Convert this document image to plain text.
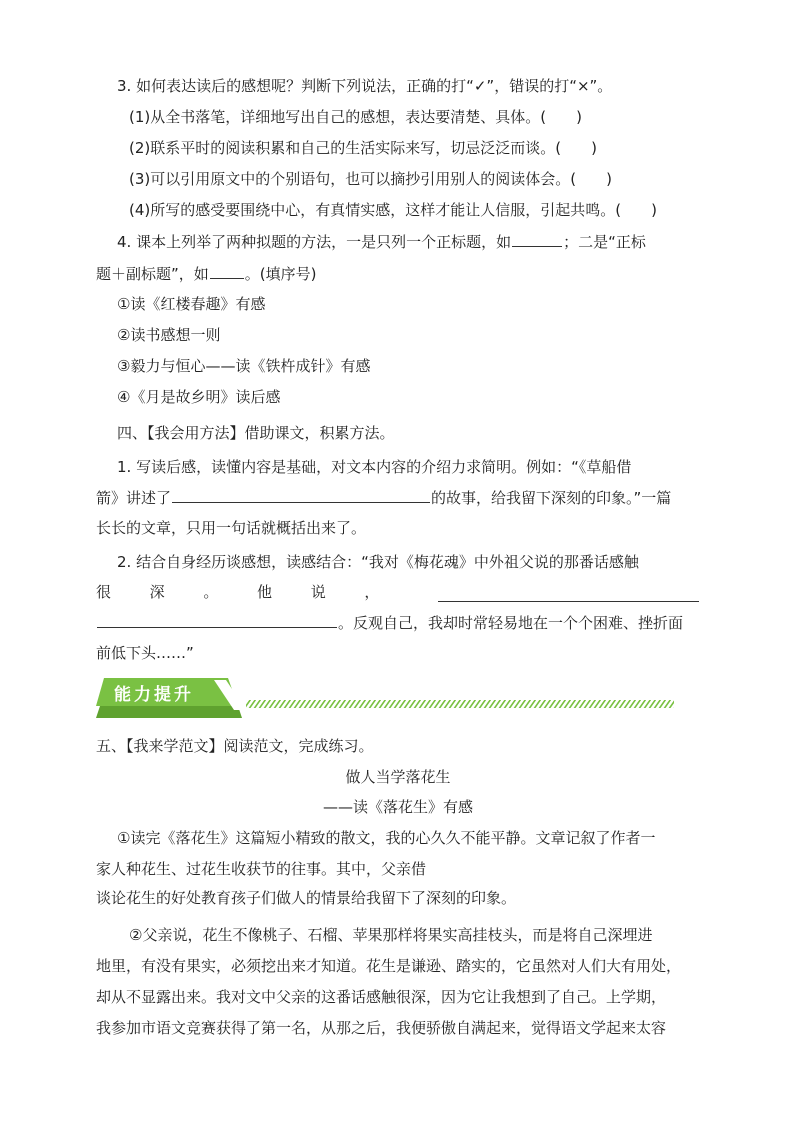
3. 如何表达读后的感想呢？判断下列说法，正确的打“✓”，错误的打“×”。
(1)从全书落笔，详细地写出自己的感想，表达要清楚、具体。(　　)
(2)联系平时的阅读积累和自己的生活实际来写，切忌泛泛而谈。(　　)
(3)可以引用原文中的个别语句，也可以摘抄引用别人的阅读体会。(　　)
(4)所写的感受要围绕中心，有真情实感，这样才能让人信服，引起共鸣。(　　)
4. 课本上列举了两种拟题的方法，一是只列一个正标题，如	；二是“正标
题＋副标题”，如 。(填序号)
①读《红楼春趣》有感
②读书感想一则
③毅力与恒心——读《铁杵成针》有感
④《月是故乡明》读后感
四、【我会用方法】借助课文，积累方法。
1. 写读后感，读懂内容是基础，对文本内容的介绍力求简明。例如：“《草船借
箭》讲述了	的故事，给我留下深刻的印象。”一篇
长长的文章，只用一句话就概括出来了。
2. 结合自身经历谈感想，读感结合：“我对《梅花魂》中外祖父说的那番话感触
很	深	。	他	说	，
。反观自己，我却时常轻易地在一个个困难、挫折面
前低下头……”
能力提升
五、【我来学范文】阅读范文，完成练习。
做人当学落花生
——读《落花生》有感
①读完《落花生》这篇短小精致的散文，我的心久久不能平静。文章记叙了作者一
家人种花生、过花生收获节的往事。其中，父亲借
谈论花生的好处教育孩子们做人的情景给我留下了深刻的印象。
②父亲说，花生不像桃子、石榴、苹果那样将果实高挂枝头，而是将自己深埋进
地里，有没有果实，必须挖出来才知道。花生是谦逊、踏实的，它虽然对人们大有用处，
却从不显露出来。我对文中父亲的这番话感触很深，因为它让我想到了自己。上学期，
我参加市语文竞赛获得了第一名，从那之后，我便骄傲自满起来，觉得语文学起来太容
